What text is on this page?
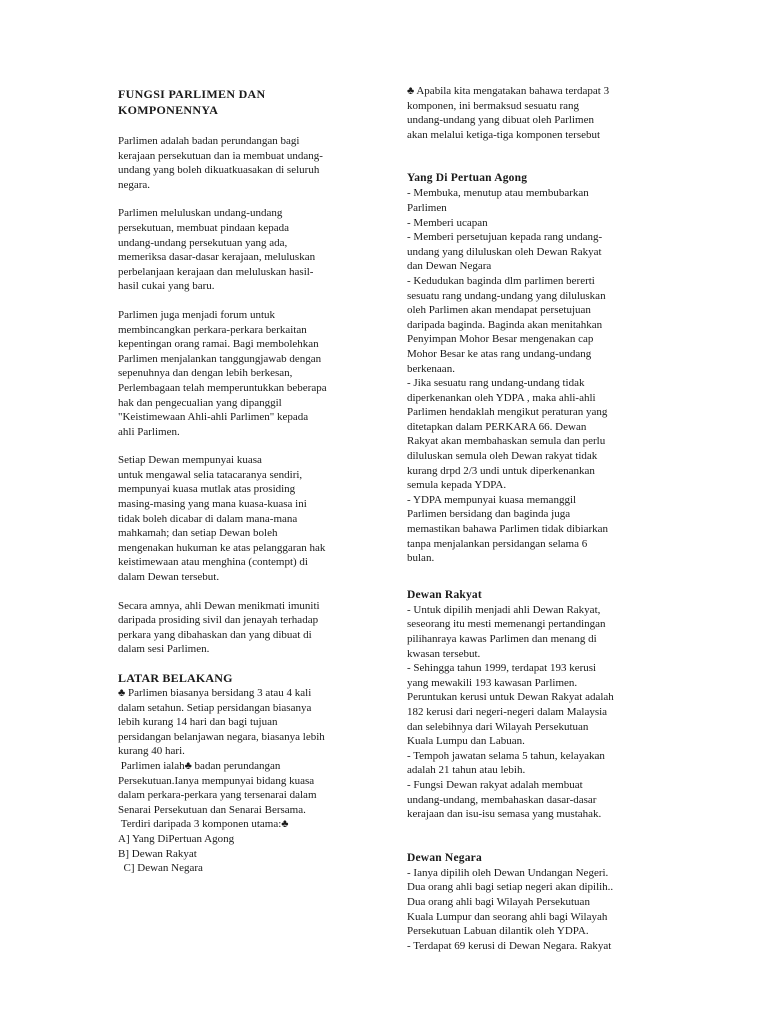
FUNGSI PARLIMEN DAN
KOMPONENNYA
Parlimen adalah badan perundangan bagi
kerajaan persekutuan dan ia membuat undang-
undang yang boleh dikuatkuasakan di seluruh
negara.
Parlimen meluluskan undang-undang
persekutuan, membuat pindaan kepada
undang-undang persekutuan yang ada,
memeriksa dasar-dasar kerajaan, meluluskan
perbelanjaan kerajaan dan meluluskan hasil-
hasil cukai yang baru.
Parlimen juga menjadi forum untuk
membincangkan perkara-perkara berkaitan
kepentingan orang ramai. Bagi membolehkan
Parlimen menjalankan tanggungjawab dengan
sepenuhnya dan dengan lebih berkesan,
Perlembagaan telah memperuntukkan beberapa
hak dan pengecualian yang dipanggil
"Keistimewaan Ahli-ahli Parlimen" kepada
ahli Parlimen.
Setiap Dewan mempunyai kuasa
untuk mengawal selia tatacaranya sendiri,
mempunyai kuasa mutlak atas prosiding
masing-masing yang mana kuasa-kuasa ini
tidak boleh dicabar di dalam mana-mana
mahkamah; dan setiap Dewan boleh
mengenakan hukuman ke atas pelanggaran hak
keistimewaan atau menghina (contempt) di
dalam Dewan tersebut.
Secara amnya, ahli Dewan menikmati imuniti
daripada prosiding sivil dan jenayah terhadap
perkara yang dibahaskan dan yang dibuat di
dalam sesi Parlimen.
LATAR BELAKANG
♣ Parlimen biasanya bersidang 3 atau 4 kali
dalam setahun. Setiap persidangan biasanya
lebih kurang 14 hari dan bagi tujuan
persidangan belanjawan negara, biasanya lebih
kurang 40 hari.
Parlimen ialah♣ badan perundangan
Persekutuan.Ianya mempunyai bidang kuasa
dalam perkara-perkara yang tersenarai dalam
Senarai Persekutuan dan Senarai Bersama.
Terdiri daripada 3 komponen utama:♣
A] Yang DiPertuan Agong
B] Dewan Rakyat
C] Dewan Negara
♣ Apabila kita mengatakan bahawa terdapat 3
komponen, ini bermaksud sesuatu rang
undang-undang yang dibuat oleh Parlimen
akan melalui ketiga-tiga komponen tersebut
Yang Di Pertuan Agong
- Membuka, menutup atau membubarkan
Parlimen
- Memberi ucapan
- Memberi persetujuan kepada rang undang-
undang yang diluluskan oleh Dewan Rakyat
dan Dewan Negara
- Kedudukan baginda dlm parlimen bererti
sesuatu rang undang-undang yang diluluskan
oleh Parlimen akan mendapat persetujuan
daripada baginda. Baginda akan menitahkan
Penyimpan Mohor Besar mengenakan cap
Mohor Besar ke atas rang undang-undang
berkenaan.
- Jika sesuatu rang undang-undang tidak
diperkenankan oleh YDPA , maka ahli-ahli
Parlimen hendaklah mengikut peraturan yang
ditetapkan dalam PERKARA 66. Dewan
Rakyat akan membahaskan semula dan perlu
diluluskan semula oleh Dewan rakyat tidak
kurang drpd 2/3 undi untuk diperkenankan
semula kepada YDPA.
- YDPA mempunyai kuasa memanggil
Parlimen bersidang dan baginda juga
memastikan bahawa Parlimen tidak dibiarkan
tanpa menjalankan persidangan selama 6
bulan.
Dewan Rakyat
- Untuk dipilih menjadi ahli Dewan Rakyat,
seseorang itu mesti memenangi pertandingan
pilihanraya kawas Parlimen dan menang di
kwasan tersebut.
- Sehingga tahun 1999, terdapat 193 kerusi
yang mewakili 193 kawasan Parlimen.
Peruntukan kerusi untuk Dewan Rakyat adalah
182 kerusi dari negeri-negeri dalam Malaysia
dan selebihnya dari Wilayah Persekutuan
Kuala Lumpu dan Labuan.
- Tempoh jawatan selama 5 tahun, kelayakan
adalah 21 tahun atau lebih.
- Fungsi Dewan rakyat adalah membuat
undang-undang, membahaskan dasar-dasar
kerajaan dan isu-isu semasa yang mustahak.
Dewan Negara
- Ianya dipilih oleh Dewan Undangan Negeri.
Dua orang ahli bagi setiap negeri akan dipilih..
Dua orang ahli bagi Wilayah Persekutuan
Kuala Lumpur dan seorang ahli bagi Wilayah
Persekutuan Labuan dilantik oleh YDPA.
- Terdapat 69 kerusi di Dewan Negara. Rakyat
